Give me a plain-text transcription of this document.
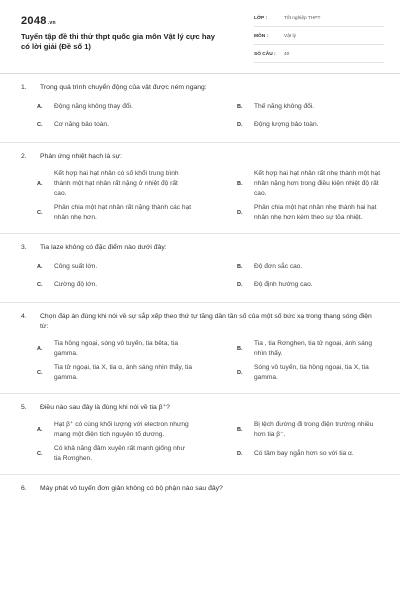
2048.vn
Tuyển tập đề thi thử thpt quốc gia môn Vật lý cực hay có lời giải (Đề số 1)
LỚP :	Tốt nghiệp THPT
MÔN :	Vật lý
SỐ CÂU : 40
1. Trong quá trình chuyển động của vật được ném ngang:
A.	Động năng không thay đổi.	B.	Thế năng không đổi.
C.	Cơ năng bảo toàn.	D.	Động lượng bảo toàn.
2. Phản ứng nhiệt hạch là sự:
A.
Kết hợp hai hạt nhân có số khối trung bình thành một hạt nhân rất nặng ở nhiệt độ rất cao.
B.
Kết hợp hai hạt nhân rất nhẹ thành một hạt nhân nặng hơn trong điều kiện nhiệt độ rất cao.
C.
Phân chia một hạt nhân rất nặng thành các hạt nhân nhẹ hơn.
D.
Phân chia một hạt nhân nhẹ thành hai hạt nhân nhẹ hơn kèm theo sự tỏa nhiệt.
3. Tia laze không có đặc điểm nào dưới đây:
A.	Công suất lớn.	B.	Độ đơn sắc cao.
C.	Cường độ lớn.	D.	Độ định hướng cao.
4. Chọn đáp án đúng khi nói về sự sắp xếp theo thứ tự tăng dần tần số của một số bức xạ trong thang sóng điện từ:
A.
Tia hồng ngoại, sóng vô tuyến, tia bêta, tia gamma.
B.
Tia , tia Rơnghen, tia tử ngoại, ánh sáng nhìn thấy.
C.
Tia tử ngoại, tia X, tia α, ánh sáng nhìn thấy, tia gamma.
D.
Sóng vô tuyến, tia hồng ngoại, tia X, tia gamma.
5. Điều nào sau đây là đúng khi nói về tia β⁺?
A.
Hạt β⁺ có cùng khối lượng với electron nhưng mang một điện tích nguyên tố dương.
B.
Bị lệch đường đi trong điện trường nhiều hơn tia β⁻.
C.
Có khả năng đâm xuyên rất mạnh giống như tia Rơnghen.
D.	Có tầm bay ngắn hơn so với tia α.
6. Máy phát vô tuyến đơn giản không có bộ phận nào sau đây?
